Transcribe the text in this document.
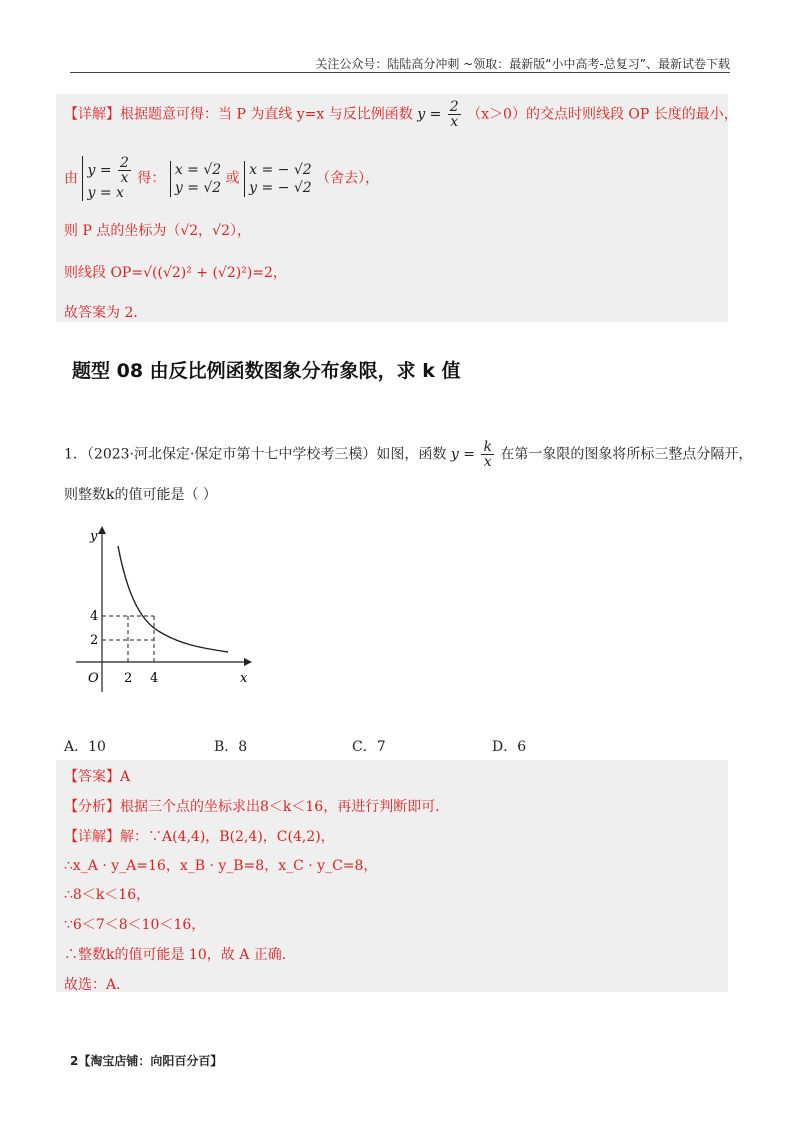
关注公众号：陆陆高分冲刺 ~领取：最新版“小中高考-总复习”、最新试卷下载
【详解】根据题意可得：当 P 为直线 y=x 与反比例函数 $y = \frac{2}{x} (x>0)$的交点时则线段 OP 长度的最小，
由 $y = \frac{2}{x}$
y = x
得：
x = √2
y = √2
或
x = − √2
y = − √2
（舍去），
则 P 点的坐标为（√2，√2），
则线段 OP=√((√2)² + (√2)²)=2，
故答案为 2．
题型 08 由反比例函数图象分布象限，求 k 值
1．（2023·河北保定·保定市第十七中学校考三模）如图，函数 $y = \frac{k}{x}$ 在第一象限的图象将所标三整点分隔开，
则整数k的值可能是（ ）
y
x
O
4
2
2 4
A．10	B．8	C．7	D．6
【答案】A
【分析】根据三个点的坐标求出8＜k＜16，再进行判断即可．
【详解】解：∵A(4,4)，B(2,4)，C(4,2)，
∴x_A · y_A=16，x_B · y_B=8，x_C · y_C=8，
∴8＜k＜16，
∵6＜7＜8＜10＜16，
∴整数k的值可能是 10，故 A 正确．
故选：A．
2【淘宝店铺：向阳百分百】
